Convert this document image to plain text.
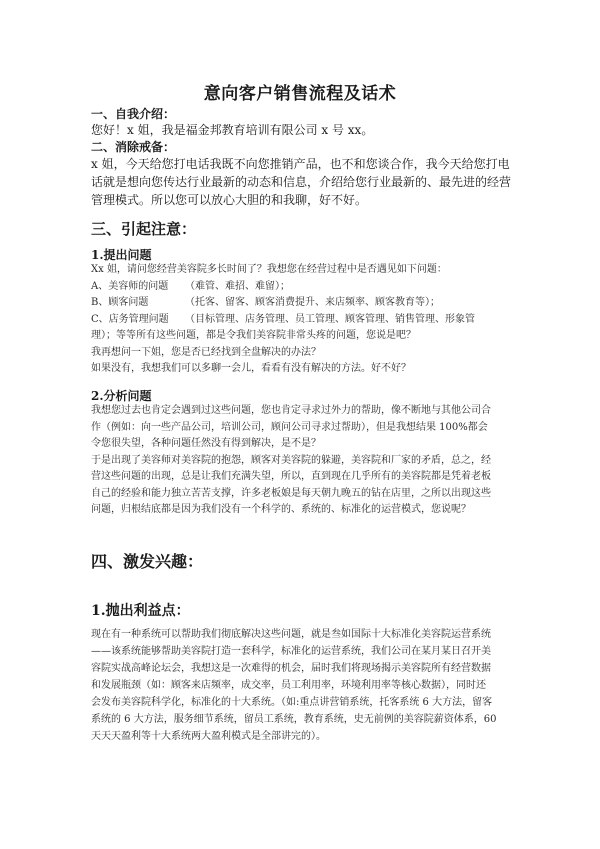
意向客户销售流程及话术
一、自我介绍：
您好！x 姐，我是福金邦教育培训有限公司 x 号 xx。
二、消除戒备：
x 姐，今天给您打电话我既不向您推销产品，也不和您谈合作，我今天给您打电
话就是想向您传达行业最新的动态和信息，介绍给您行业最新的、最先进的经营
管理模式。所以您可以放心大胆的和我聊，好不好。
三、引起注意：
1.提出问题
Xx 姐，请问您经营美容院多长时间了？我想您在经营过程中是否遇见如下问题：
A、美容师的问题 （难管、难招、难留）；
B、顾客问题	（托客、留客、顾客消费提升、来店频率、顾客教育等）；
C、店务管理问题 （目标管理、店务管理、员工管理、顾客管理、销售管理、形象管
理）；等等所有这些问题，都是令我们美容院非常头疼的问题，您说是吧？
我再想问一下姐，您是否已经找到全盘解决的办法？
如果没有，我想我们可以多聊一会儿，看看有没有解决的方法。好不好？
2.分析问题
我想您过去也肯定会遇到过这些问题，您也肯定寻求过外力的帮助，像不断地与其他公司合
作（例如：向一些产品公司，培训公司，顾问公司寻求过帮助），但是我想结果 100%都会
令您很失望，各种问题任然没有得到解决，是不是？
于是出现了美容师对美容院的抱怨，顾客对美容院的躲避，美容院和厂家的矛盾，总之，经
营这些问题的出现，总是让我们充满失望，所以，直到现在几乎所有的美容院都是凭着老板
自己的经验和能力独立苦苦支撑，许多老板娘是每天朝九晚五的钻在店里，之所以出现这些
问题，归根结底都是因为我们没有一个科学的、系统的、标准化的运营模式，您说呢？
四、激发兴趣：
1.抛出利益点：
现在有一种系统可以帮助我们彻底解决这些问题，就是叁如国际十大标准化美容院运营系统
——该系统能够帮助美容院打造一套科学，标准化的运营系统，我们公司在某月某日召开美
容院实战高峰论坛会，我想这是一次难得的机会，届时我们将现场揭示美容院所有经营数据
和发展瓶颈（如：顾客来店频率，成交率，员工利用率，环境利用率等核心数据），同时还
会发布美容院科学化，标准化的十大系统。（如:重点讲营销系统，托客系统 6 大方法，留客
系统的 6 大方法，服务细节系统，留员工系统，教育系统，史无前例的美容院薪资体系，60
天天天盈利等十大系统两大盈利模式是全部讲完的）。
